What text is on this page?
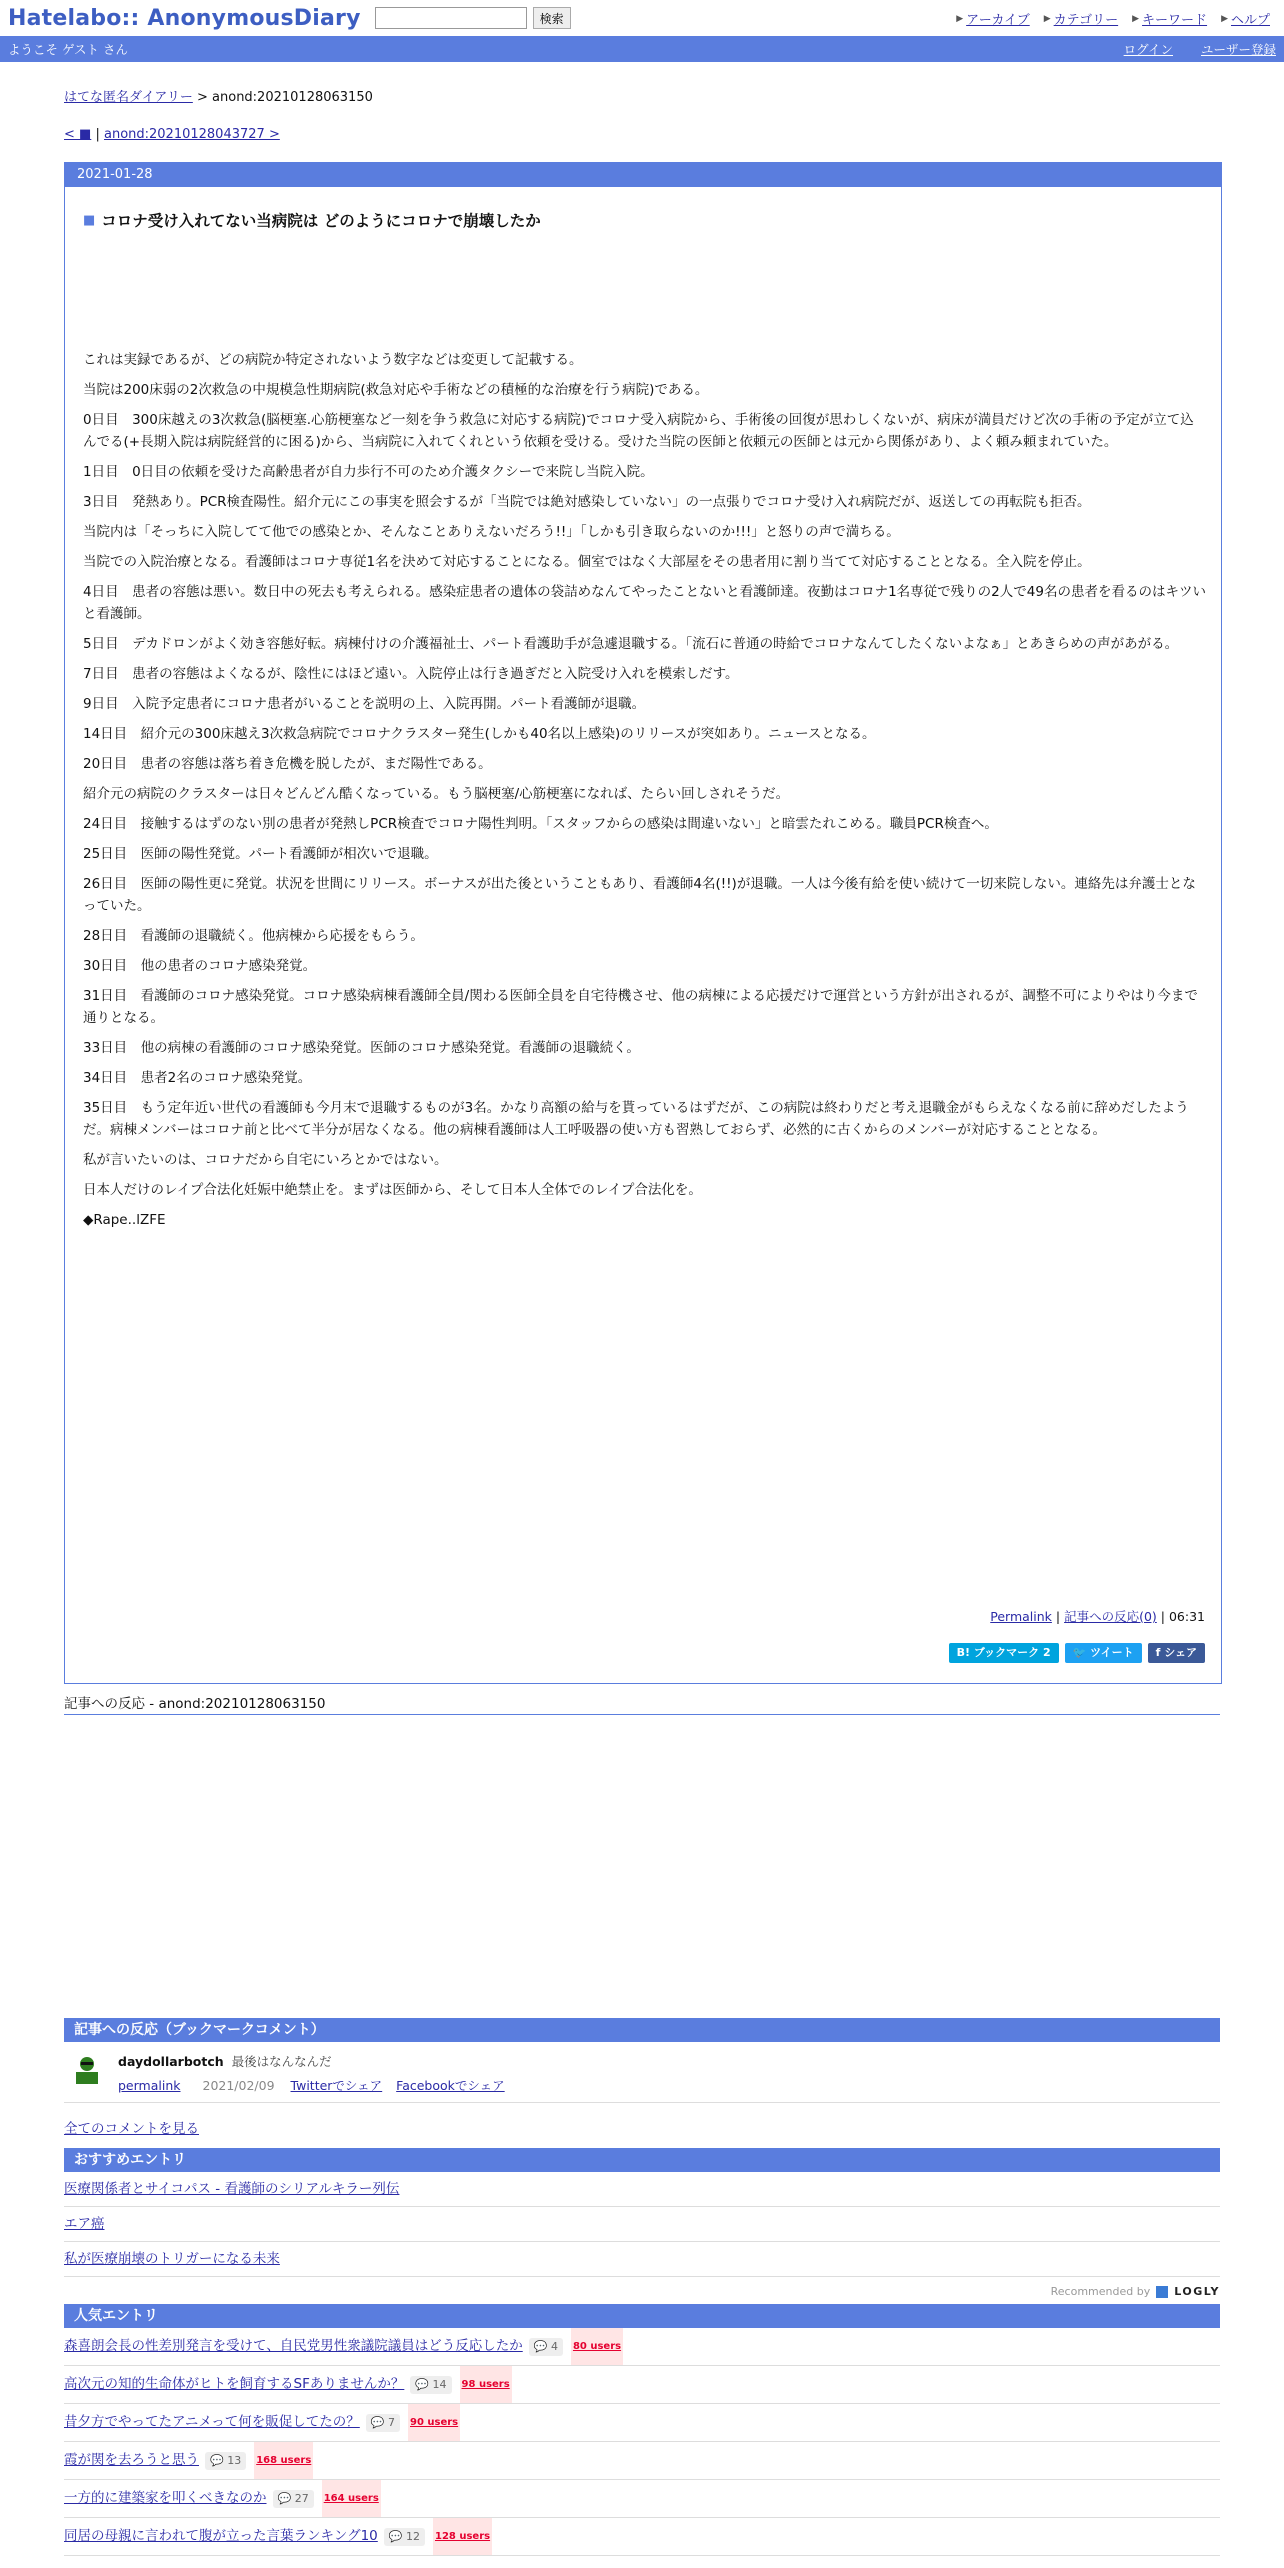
Hatelabo:: AnonymousDiary	検索	▶ アーカイブ ▶ カテゴリー ▶ キーワード ▶ ヘルプ
ようこそ ゲスト さん	ログイン ユーザー登録
はてな匿名ダイアリー > anond:20210128063150
< ■ | anond:20210128043727 >
2021-01-28
■ コロナ受け入れてない当病院は どのようにコロナで崩壊したか

これは実録であるが、どの病院か特定されないよう数字などは変更して記載する。

当院は200床弱の2次救急の中規模急性期病院(救急対応や手術などの積極的な治療を行う病院)である。

0日目　300床越えの3次救急(脳梗塞.心筋梗塞など一刻を争う救急に対応する病院)でコロナ受入病院から、手術後の回復が思わしくないが、病床が満員だけど次の手術の予定が立て込んでる(+長期入院は病院経営的に困る)から、当病院に入れてくれという依頼を受ける。受けた当院の医師と依頼元の医師とは元から関係があり、よく頼み頼まれていた。

1日目　0日目の依頼を受けた高齢患者が自力歩行不可のため介護タクシーで来院し当院入院。

3日目　発熱あり。PCR検査陽性。紹介元にこの事実を照会するが「当院では絶対感染していない」の一点張りでコロナ受け入れ病院だが、返送しての再転院も拒否。

当院内は「そっちに入院してて他での感染とか、そんなことありえないだろう!!」「しかも引き取らないのか!!!」と怒りの声で満ちる。

当院での入院治療となる。看護師はコロナ専従1名を決めて対応することになる。個室ではなく大部屋をその患者用に割り当てて対応することとなる。全入院を停止。

4日目　患者の容態は悪い。数日中の死去も考えられる。感染症患者の遺体の袋詰めなんてやったことないと看護師達。夜勤はコロナ1名専従で残りの2人で49名の患者を看るのはキツいと看護師。

5日目　デカドロンがよく効き容態好転。病棟付けの介護福祉士、パート看護助手が急遽退職する。「流石に普通の時給でコロナなんてしたくないよなぁ」とあきらめの声があがる。

7日目　患者の容態はよくなるが、陰性にはほど遠い。入院停止は行き過ぎだと入院受け入れを模索しだす。

9日目　入院予定患者にコロナ患者がいることを説明の上、入院再開。パート看護師が退職。

14日目　紹介元の300床越え3次救急病院でコロナクラスター発生(しかも40名以上感染)のリリースが突如あり。ニュースとなる。

20日目　患者の容態は落ち着き危機を脱したが、まだ陽性である。

紹介元の病院のクラスターは日々どんどん酷くなっている。もう脳梗塞/心筋梗塞になれば、たらい回しされそうだ。

24日目　接触するはずのない別の患者が発熱しPCR検査でコロナ陽性判明。「スタッフからの感染は間違いない」と暗雲たれこめる。職員PCR検査へ。

25日目　医師の陽性発覚。パート看護師が相次いで退職。

26日目　医師の陽性更に発覚。状況を世間にリリース。ボーナスが出た後ということもあり、看護師4名(!!)が退職。一人は今後有給を使い続けて一切来院しない。連絡先は弁護士となっていた。

28日目　看護師の退職続く。他病棟から応援をもらう。

30日目　他の患者のコロナ感染発覚。

31日目　看護師のコロナ感染発覚。コロナ感染病棟看護師全員/関わる医師全員を自宅待機させ、他の病棟による応援だけで運営という方針が出されるが、調整不可によりやはり今まで通りとなる。

33日目　他の病棟の看護師のコロナ感染発覚。医師のコロナ感染発覚。看護師の退職続く。

34日目　患者2名のコロナ感染発覚。

35日目　もう定年近い世代の看護師も今月末で退職するものが3名。かなり高額の給与を貰っているはずだが、この病院は終わりだと考え退職金がもらえなくなる前に辞めだしたようだ。病棟メンバーはコロナ前と比べて半分が居なくなる。他の病棟看護師は人工呼吸器の使い方も習熟しておらず、必然的に古くからのメンバーが対応することとなる。

私が言いたいのは、コロナだから自宅にいろとかではない。

日本人だけのレイプ合法化妊娠中絶禁止を。まずは医師から、そして日本人全体でのレイプ合法化を。

◆Rape..lZFE

Permalink | 記事への反応(0) | 06:31
B! ブックマーク 2	🐦 ツイート	f シェア
記事への反応 - anond:20210128063150
記事への反応（ブックマークコメント）
daydollarbotch 最後はなんなんだ
permalink 2021/02/09 Twitterでシェア Facebookでシェア
全てのコメントを見る
おすすめエントリ
医療関係者とサイコパス - 看護師のシリアルキラー列伝
エア癌
私が医療崩壊のトリガーになる未来
Recommended by LOGLY
人気エントリ
森喜朗会長の性差別発言を受けて、自民党男性衆議院議員はどう反応したか	💬 4	80 users
高次元の知的生命体がヒトを飼育するSFありませんか？	💬 14	98 users
昔夕方でやってたアニメって何を販促してたの？	💬 7	90 users
霞が関を去ろうと思う	💬 13	168 users
一方的に建築家を叩くべきなのか	💬 27	164 users
同居の母親に言われて腹が立った言葉ランキング10	💬 12	128 users
